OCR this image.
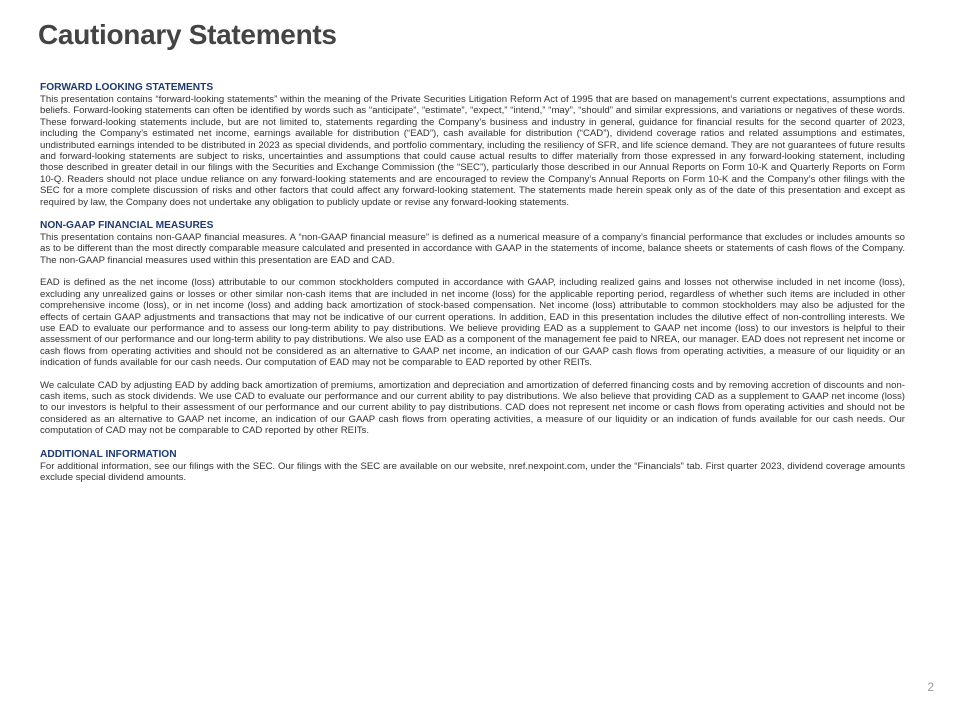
Cautionary Statements
FORWARD LOOKING STATEMENTS

This presentation contains “forward-looking statements” within the meaning of the Private Securities Litigation Reform Act of 1995 that are based on management’s current expectations, assumptions and beliefs. Forward-looking statements can often be identified by words such as “anticipate”, “estimate”, “expect,” “intend,” “may”, “should” and similar expressions, and variations or negatives of these words. These forward-looking statements include, but are not limited to, statements regarding the Company’s business and industry in general, guidance for financial results for the second quarter of 2023, including the Company’s estimated net income, earnings available for distribution (“EAD”), cash available for distribution (“CAD”), dividend coverage ratios and related assumptions and estimates, undistributed earnings intended to be distributed in 2023 as special dividends, and portfolio commentary, including the resiliency of SFR, and life science demand. They are not guarantees of future results and forward-looking statements are subject to risks, uncertainties and assumptions that could cause actual results to differ materially from those expressed in any forward-looking statement, including those described in greater detail in our filings with the Securities and Exchange Commission (the “SEC”), particularly those described in our Annual Reports on Form 10-K and Quarterly Reports on Form 10-Q. Readers should not place undue reliance on any forward-looking statements and are encouraged to review the Company’s Annual Reports on Form 10-K and the Company’s other filings with the SEC for a more complete discussion of risks and other factors that could affect any forward-looking statement. The statements made herein speak only as of the date of this presentation and except as required by law, the Company does not undertake any obligation to publicly update or revise any forward-looking statements.

NON-GAAP FINANCIAL MEASURES

This presentation contains non-GAAP financial measures. A “non-GAAP financial measure” is defined as a numerical measure of a company’s financial performance that excludes or includes amounts so as to be different than the most directly comparable measure calculated and presented in accordance with GAAP in the statements of income, balance sheets or statements of cash flows of the Company. The non-GAAP financial measures used within this presentation are EAD and CAD.

EAD is defined as the net income (loss) attributable to our common stockholders computed in accordance with GAAP, including realized gains and losses not otherwise included in net income (loss), excluding any unrealized gains or losses or other similar non-cash items that are included in net income (loss) for the applicable reporting period, regardless of whether such items are included in other comprehensive income (loss), or in net income (loss) and adding back amortization of stock-based compensation. Net income (loss) attributable to common stockholders may also be adjusted for the effects of certain GAAP adjustments and transactions that may not be indicative of our current operations. In addition, EAD in this presentation includes the dilutive effect of non-controlling interests. We use EAD to evaluate our performance and to assess our long-term ability to pay distributions. We believe providing EAD as a supplement to GAAP net income (loss) to our investors is helpful to their assessment of our performance and our long-term ability to pay distributions. We also use EAD as a component of the management fee paid to NREA, our manager. EAD does not represent net income or cash flows from operating activities and should not be considered as an alternative to GAAP net income, an indication of our GAAP cash flows from operating activities, a measure of our liquidity or an indication of funds available for our cash needs. Our computation of EAD may not be comparable to EAD reported by other REITs.

We calculate CAD by adjusting EAD by adding back amortization of premiums, amortization and depreciation and amortization of deferred financing costs and by removing accretion of discounts and non-cash items, such as stock dividends. We use CAD to evaluate our performance and our current ability to pay distributions. We also believe that providing CAD as a supplement to GAAP net income (loss) to our investors is helpful to their assessment of our performance and our current ability to pay distributions. CAD does not represent net income or cash flows from operating activities and should not be considered as an alternative to GAAP net income, an indication of our GAAP cash flows from operating activities, a measure of our liquidity or an indication of funds available for our cash needs. Our computation of CAD may not be comparable to CAD reported by other REITs.

ADDITIONAL INFORMATION

For additional information, see our filings with the SEC. Our filings with the SEC are available on our website, nref.nexpoint.com, under the “Financials” tab. First quarter 2023, dividend coverage amounts exclude special dividend amounts.

2
